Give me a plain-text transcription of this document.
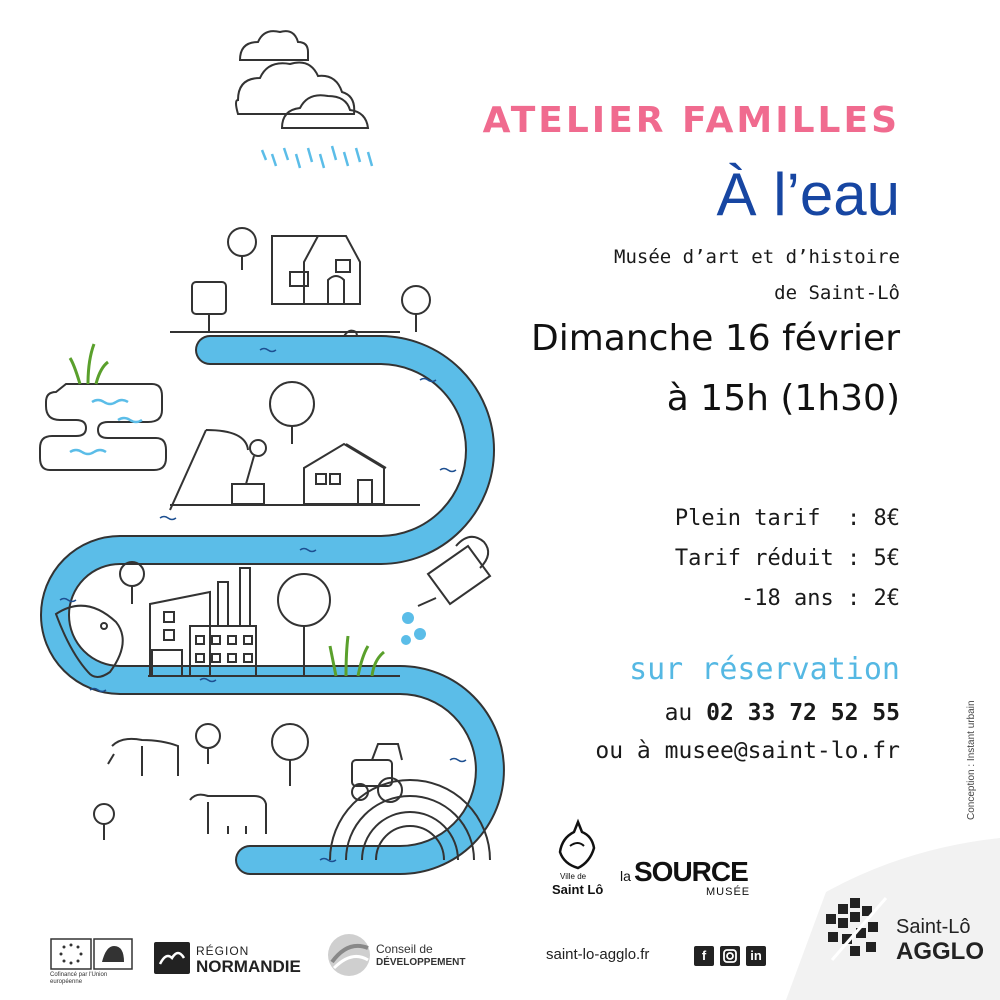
ATELIER FAMILLES
À l’eau
Musée d’art et d’histoire
de Saint-Lô
Dimanche 16 février
à 15h (1h30)
Plein tarif  : 8€
Tarif réduit : 5€
-18 ans : 2€
sur réservation
au 02 33 72 52 55
ou à musee@saint-lo.fr	Conception : Instant urbain
Ville de
Saint Lô
la SOURCE
MUSÉE
Saint-Lô
AGGLO
Cofinancé par l'Union européenne
RÉGION
NORMANDIE
Conseil de
DÉVELOPPEMENT	saint-lo-agglo.fr	f	in
